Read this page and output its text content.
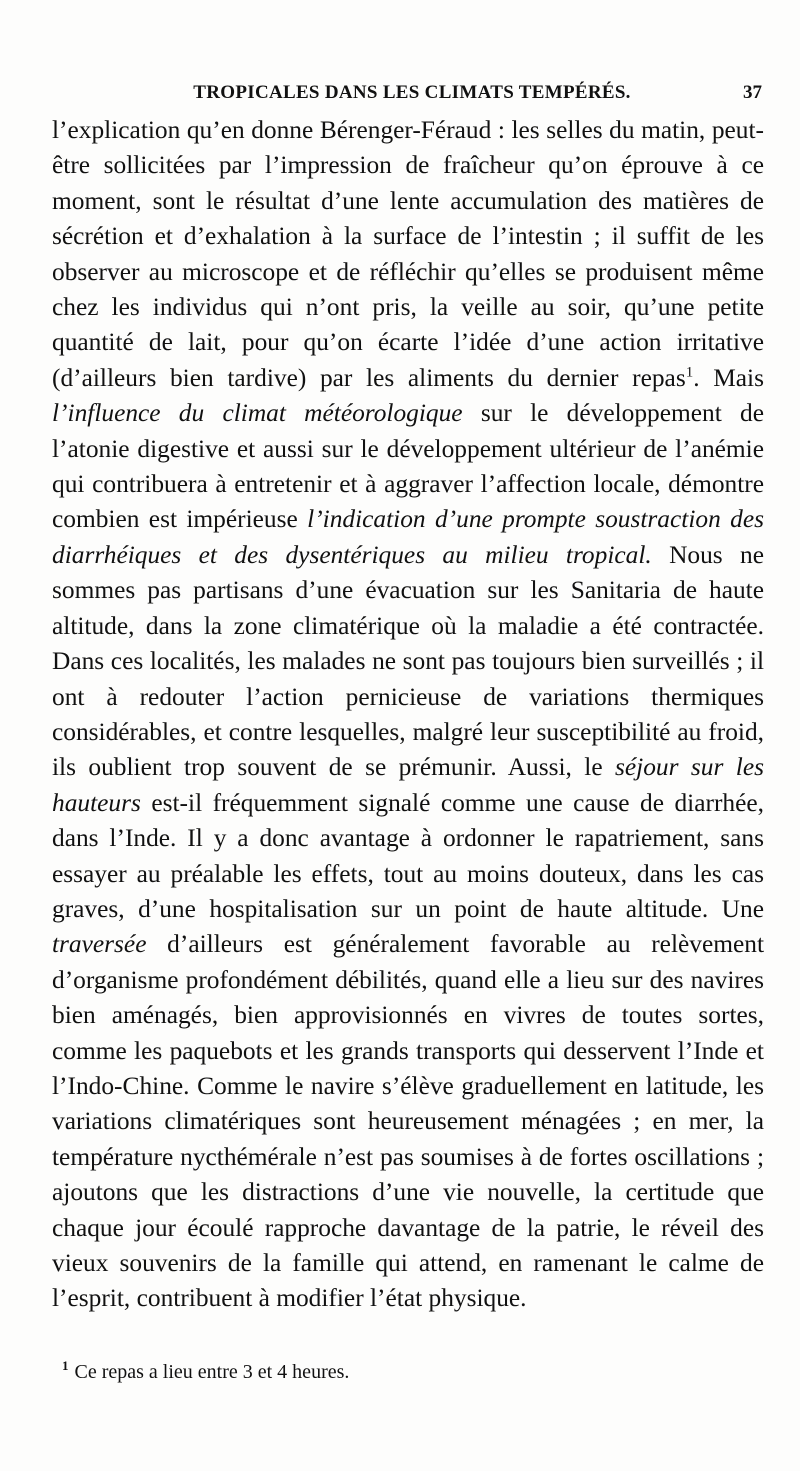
TROPICALES DANS LES CLIMATS TEMPÉRÉS.	37

l’explication qu’en donne Bérenger-Féraud : les selles du matin, peut-être sollicitées par l’impression de fraîcheur qu’on éprouve à ce moment, sont le résultat d’une lente accumulation des matières de sécrétion et d’exhalation à la surface de l’intestin ; il suffit de les observer au microscope et de réfléchir qu’elles se produisent même chez les individus qui n’ont pris, la veille au soir, qu’une petite quantité de lait, pour qu’on écarte l’idée d’une action irritative (d’ailleurs bien tardive) par les aliments du dernier repas$^1$. Mais l’influence du climat météorologique sur le développement de l’atonie digestive et aussi sur le développement ultérieur de l’anémie qui contribuera à entretenir et à aggraver l’affection locale, démontre combien est impérieuse l’indication d’une prompte soustraction des diarrhéiques et des dysentériques au milieu tropical. Nous ne sommes pas partisans d’une évacuation sur les Sanitaria de haute altitude, dans la zone climatérique où la maladie a été contractée. Dans ces localités, les malades ne sont pas toujours bien surveillés ; il ont à redouter l’action pernicieuse de variations thermiques considérables, et contre lesquelles, malgré leur susceptibilité au froid, ils oublient trop souvent de se prémunir. Aussi, le séjour sur les hauteurs est-il fréquemment signalé comme une cause de diarrhée, dans l’Inde. Il y a donc avantage à ordonner le rapatriement, sans essayer au préalable les effets, tout au moins douteux, dans les cas graves, d’une hospitalisation sur un point de haute altitude. Une traversée d’ailleurs est généralement favorable au relèvement d’organisme profondément débilités, quand elle a lieu sur des navires bien aménagés, bien approvisionnés en vivres de toutes sortes, comme les paquebots et les grands transports qui desservent l’Inde et l’Indo-Chine. Comme le navire s’élève graduellement en latitude, les variations climatériques sont heureusement ménagées ; en mer, la température nycthémérale n’est pas soumises à de fortes oscillations ; ajoutons que les distractions d’une vie nouvelle, la certitude que chaque jour écoulé rapproche davantage de la patrie, le réveil des vieux souvenirs de la famille qui attend, en ramenant le calme de l’esprit, contribuent à modifier l’état physique.

$^1$ Ce repas a lieu entre 3 et 4 heures.
